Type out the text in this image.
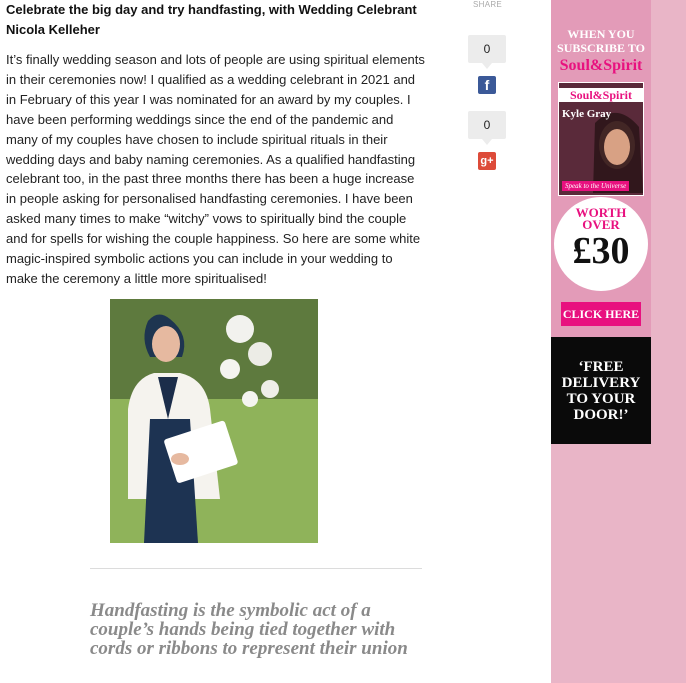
Celebrate the big day and try handfasting, with Wedding Celebrant Nicola Kelleher

It’s finally wedding season and lots of people are using spiritual elements in their ceremonies now! I qualified as a wedding celebrant in 2021 and in February of this year I was nominated for an award by my couples. I have been performing weddings since the end of the pandemic and many of my couples have chosen to include spiritual rituals in their wedding days and baby naming ceremonies. As a qualified handfasting celebrant too, in the past three months there has been a huge increase in people asking for personalised handfasting ceremonies. I have been asked many times to make “witchy” vows to spiritually bind the couple and for spells for wishing the couple happiness. So here are some white magic-inspired symbolic actions you can include in your wedding to make the ceremony a little more spiritualised!

Handfasting is the symbolic act of a couple’s hands being tied together with cords or ribbons to represent their union
SHARE
0
f
0
g+
WHEN YOU
SUBSCRIBE TO
Soul&Spirit
Soul&Spirit
Kyle Gray
Speak to the Universe
WORTH
OVER
£30
CLICK HERE
‘FREE DELIVERY TO YOUR DOOR!’
